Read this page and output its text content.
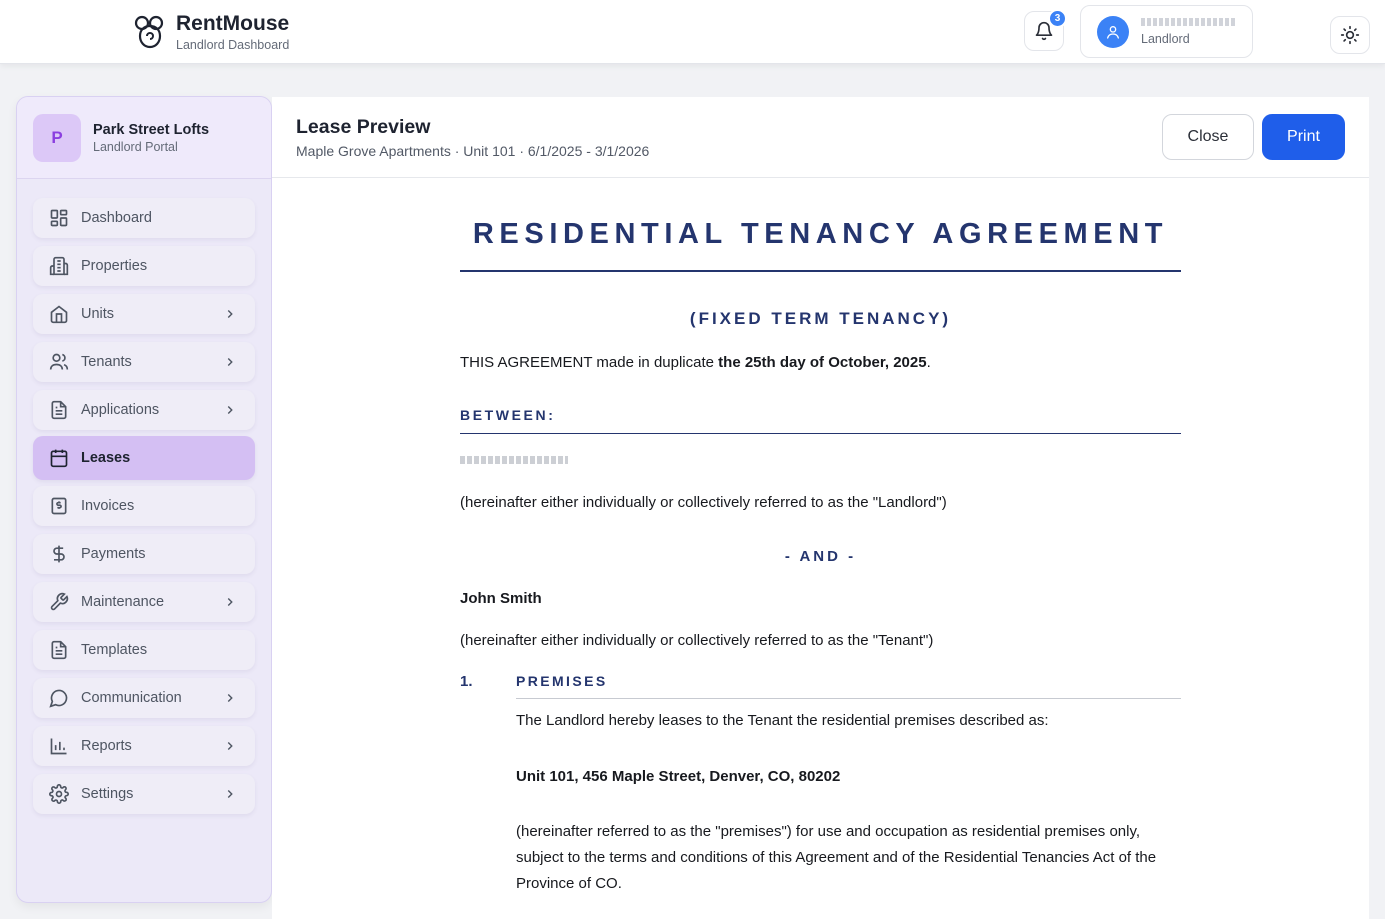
RentMouse
Landlord Dashboard
3
Landlord
P	Park Street Lofts
Landlord Portal
Dashboard
Properties
Units
Tenants
Applications
Leases
Invoices
Payments
Maintenance
Templates
Communication
Reports
Settings
Lease Preview
Maple Grove Apartments · Unit 101 · 6/1/2025 - 3/1/2026
Close	Print
RESIDENTIAL TENANCY AGREEMENT
(FIXED TERM TENANCY)
THIS AGREEMENT made in duplicate the 25th day of October, 2025.
BETWEEN:
(hereinafter either individually or collectively referred to as the "Landlord")
- AND -
John Smith
(hereinafter either individually or collectively referred to as the "Tenant")
1.	PREMISES
The Landlord hereby leases to the Tenant the residential premises described as:
Unit 101, 456 Maple Street, Denver, CO, 80202
(hereinafter referred to as the "premises") for use and occupation as residential premises only, subject to the terms and conditions of this Agreement and of the Residential Tenancies Act of the Province of CO.
